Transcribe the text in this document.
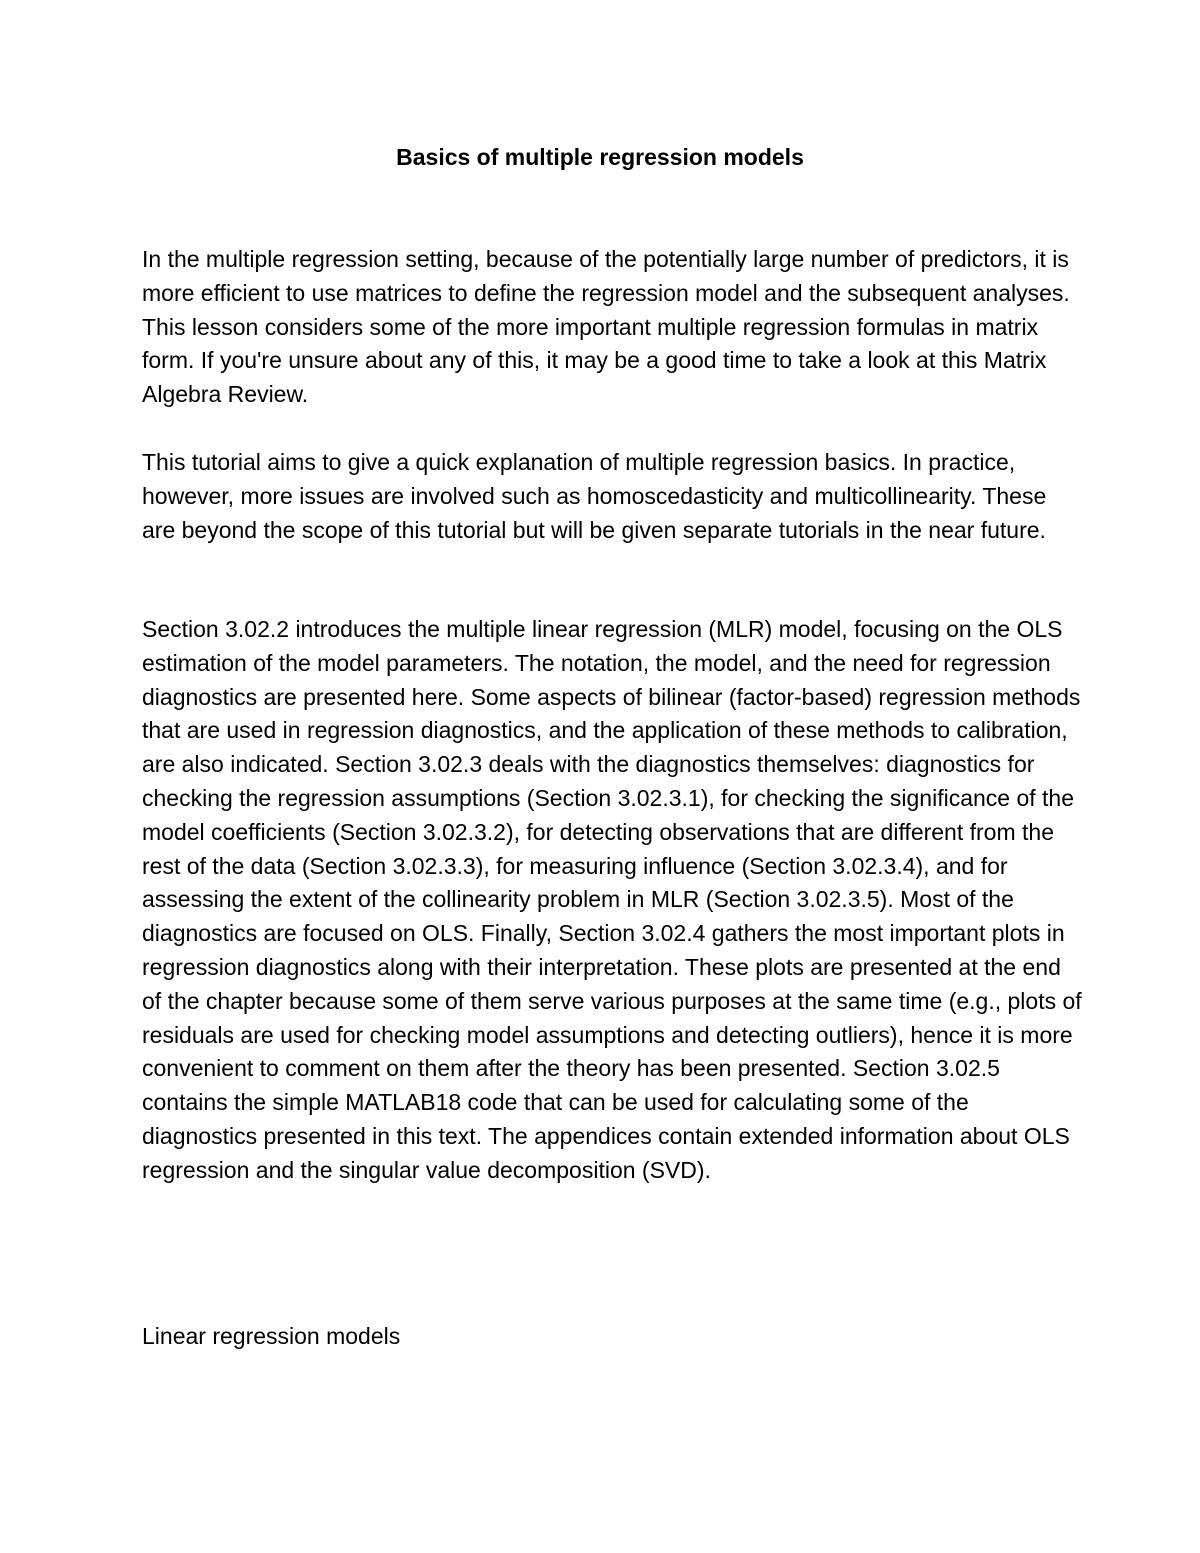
Basics of multiple regression models

In the multiple regression setting, because of the potentially large number of predictors, it is more efficient to use matrices to define the regression model and the subsequent analyses. This lesson considers some of the more important multiple regression formulas in matrix form. If you're unsure about any of this, it may be a good time to take a look at this Matrix Algebra Review.

This tutorial aims to give a quick explanation of multiple regression basics. In practice, however, more issues are involved such as homoscedasticity and multicollinearity. These are beyond the scope of this tutorial but will be given separate tutorials in the near future.

Section 3.02.2 introduces the multiple linear regression (MLR) model, focusing on the OLS estimation of the model parameters. The notation, the model, and the need for regression diagnostics are presented here. Some aspects of bilinear (factor-based) regression methods that are used in regression diagnostics, and the application of these methods to calibration, are also indicated. Section 3.02.3 deals with the diagnostics themselves: diagnostics for checking the regression assumptions (Section 3.02.3.1), for checking the significance of the model coefficients (Section 3.02.3.2), for detecting observations that are different from the rest of the data (Section 3.02.3.3), for measuring influence (Section 3.02.3.4), and for assessing the extent of the collinearity problem in MLR (Section 3.02.3.5). Most of the diagnostics are focused on OLS. Finally, Section 3.02.4 gathers the most important plots in regression diagnostics along with their interpretation. These plots are presented at the end of the chapter because some of them serve various purposes at the same time (e.g., plots of residuals are used for checking model assumptions and detecting outliers), hence it is more convenient to comment on them after the theory has been presented. Section 3.02.5 contains the simple MATLAB18 code that can be used for calculating some of the diagnostics presented in this text. The appendices contain extended information about OLS regression and the singular value decomposition (SVD).

Linear regression models
